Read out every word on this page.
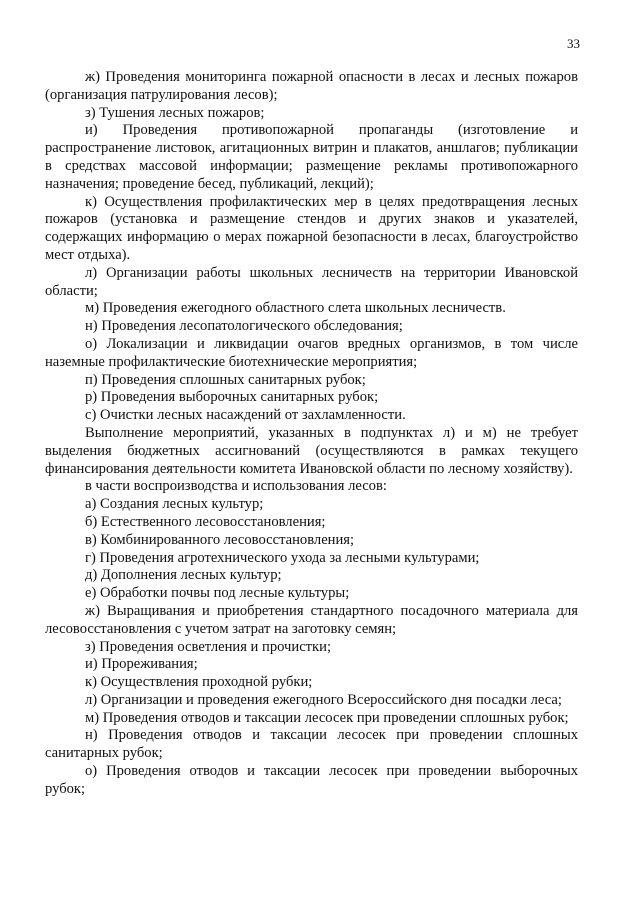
33

ж) Проведения мониторинга пожарной опасности в лесах и лесных пожаров (организация патрулирования лесов);

з) Тушения лесных пожаров;

и) Проведения противопожарной пропаганды (изготовление и распространение листовок, агитационных витрин и плакатов, аншлагов; публикации в средствах массовой информации; размещение рекламы противопожарного назначения; проведение бесед, публикаций, лекций);

к) Осуществления профилактических мер в целях предотвращения лесных пожаров (установка и размещение стендов и других знаков и указателей, содержащих информацию о мерах пожарной безопасности в лесах, благоустройство мест отдыха).

л) Организации работы школьных лесничеств на территории Ивановской области;

м) Проведения ежегодного областного слета школьных лесничеств.

н) Проведения лесопатологического обследования;

о) Локализации и ликвидации очагов вредных организмов, в том числе наземные профилактические биотехнические мероприятия;

п) Проведения сплошных санитарных рубок;

р) Проведения выборочных санитарных рубок;

с) Очистки лесных насаждений от захламленности.

Выполнение мероприятий, указанных в подпунктах л) и м) не требует выделения бюджетных ассигнований (осуществляются в рамках текущего финансирования деятельности комитета Ивановской области по лесному хозяйству).

в части воспроизводства и использования лесов:

а) Создания лесных культур;

б) Естественного лесовосстановления;

в) Комбинированного лесовосстановления;

г) Проведения агротехнического ухода за лесными культурами;

д) Дополнения лесных культур;

е) Обработки почвы под лесные культуры;

ж) Выращивания и приобретения стандартного посадочного материала для лесовосстановления с учетом затрат на заготовку семян;

з) Проведения осветления и прочистки;

и) Прореживания;

к) Осуществления проходной рубки;

л) Организации и проведения ежегодного Всероссийского дня посадки леса;

м) Проведения отводов и таксации лесосек при проведении сплошных рубок;

н) Проведения отводов и таксации лесосек при проведении сплошных санитарных рубок;

о) Проведения отводов и таксации лесосек при проведении выборочных рубок;
